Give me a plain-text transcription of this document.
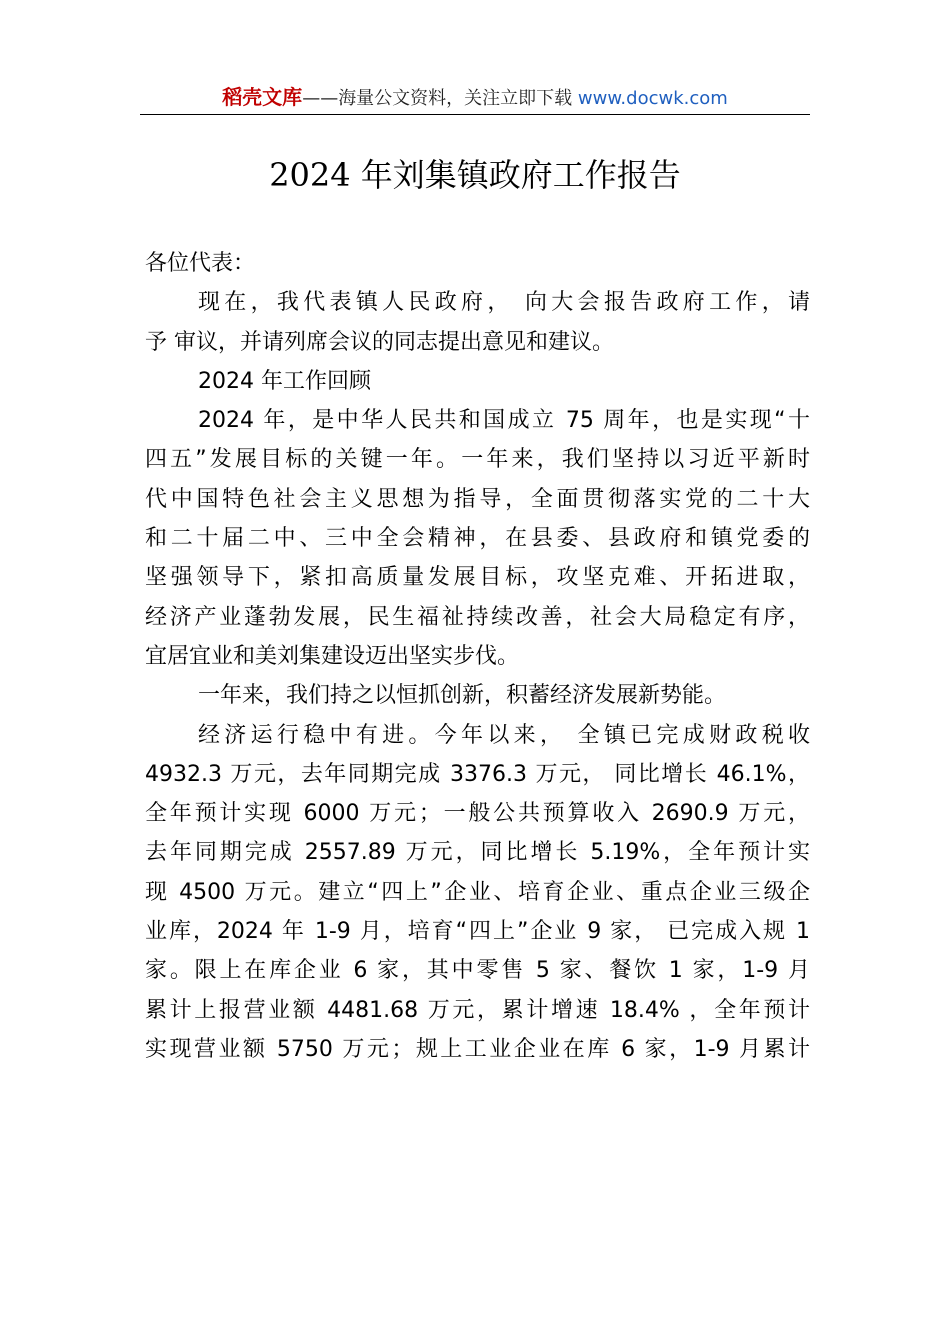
稻壳文库——海量公文资料，关注立即下载 www.docwk.com
2024 年刘集镇政府工作报告
各位代表：
现在，我代表镇人民政府， 向大会报告政府工作，请
予 审议，并请列席会议的同志提出意见和建议。
2024 年工作回顾
2024 年，是中华人民共和国成立 75 周年，也是实现“十
四五”发展目标的关键一年。一年来，我们坚持以习近平新时
代中国特色社会主义思想为指导，全面贯彻落实党的二十大
和二十届二中、三中全会精神，在县委、县政府和镇党委的
坚强领导下，紧扣高质量发展目标，攻坚克难、开拓进取，
经济产业蓬勃发展，民生福祉持续改善，社会大局稳定有序，
宜居宜业和美刘集建设迈出坚实步伐。
一年来，我们持之以恒抓创新，积蓄经济发展新势能。
经济运行稳中有进。今年以来， 全镇已完成财政税收
4932.3 万元，去年同期完成 3376.3 万元， 同比增长 46.1%，
全年预计实现 6000 万元；一般公共预算收入 2690.9 万元，
去年同期完成 2557.89 万元，同比增长 5.19%，全年预计实
现 4500 万元。建立“四上”企业、培育企业、重点企业三级企
业库，2024 年 1-9 月，培育“四上”企业 9 家， 已完成入规 1
家。限上在库企业 6 家，其中零售 5 家、餐饮 1 家，1-9 月
累计上报营业额 4481.68 万元，累计增速 18.4% ，全年预计
实现营业额 5750 万元；规上工业企业在库 6 家，1-9 月累计
